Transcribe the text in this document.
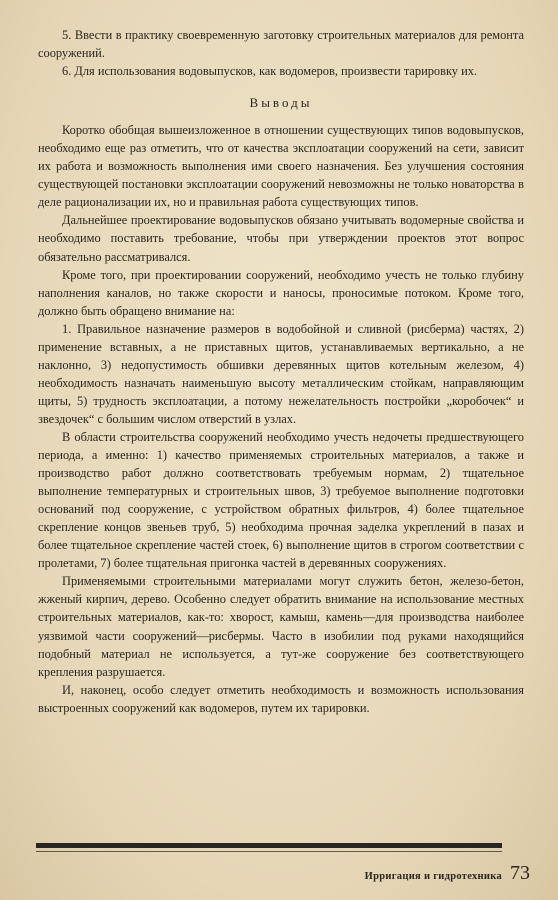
5. Ввести в практику своевременную заготовку строительных материалов для ремонта сооружений.

6. Для использования водовыпусков, как водомеров, произвести тарировку их.

Выводы

Коротко обобщая вышеизложенное в отношении существующих типов водовыпусков, необходимо еще раз отметить, что от качества эксплоатации сооружений на сети, зависит их работа и возможность выполнения ими своего назначения. Без улучшения состояния существующей постановки эксплоатации сооружений невозможны не только новаторства в деле рационализации их, но и правильная работа существующих типов.

Дальнейшее проектирование водовыпусков обязано учитывать водомерные свойства и необходимо поставить требование, чтобы при утверждении проектов этот вопрос обязательно рассматривался.

Кроме того, при проектировании сооружений, необходимо учесть не только глубину наполнения каналов, но также скорости и наносы, проносимые потоком. Кроме того, должно быть обращено внимание на:

1. Правильное назначение размеров в водобойной и сливной (рисберма) частях, 2) применение вставных, а не приставных щитов, устанавливаемых вертикально, а не наклонно, 3) недопустимость обшивки деревянных щитов котельным железом, 4) необходимость назначать наименьшую высоту металлическим стойкам, направляющим щиты, 5) трудность эксплоатации, а потому нежелательность постройки „коробочек“ и звездочек“ с большим числом отверстий в узлах.

В области строительства сооружений необходимо учесть недочеты предшествующего периода, а именно: 1) качество применяемых строительных материалов, а также и производство работ должно соответствовать требуемым нормам, 2) тщательное выполнение температурных и строительных швов, 3) требуемое выполнение подготовки оснований под сооружение, с устройством обратных фильтров, 4) более тщательное скрепление концов звеньев труб, 5) необходима прочная заделка укреплений в пазах и более тщательное скрепление частей стоек, 6) выполнение щитов в строгом соответствии с пролетами, 7) более тщательная пригонка частей в деревянных сооружениях.

Применяемыми строительными материалами могут служить бетон, железо-бетон, жженый кирпич, дерево. Особенно следует обратить внимание на использование местных строительных материалов, как-то: хворост, камыш, камень—для производства наиболее уязвимой части сооружений—рисбермы. Часто в изобилии под руками находящийся подобный материал не используется, а тут-же сооружение без соответствующего крепления разрушается.

И, наконец, особо следует отметить необходимость и возможность использования выстроенных сооружений как водомеров, путем их тарировки.

Ирригация и гидротехника 73
